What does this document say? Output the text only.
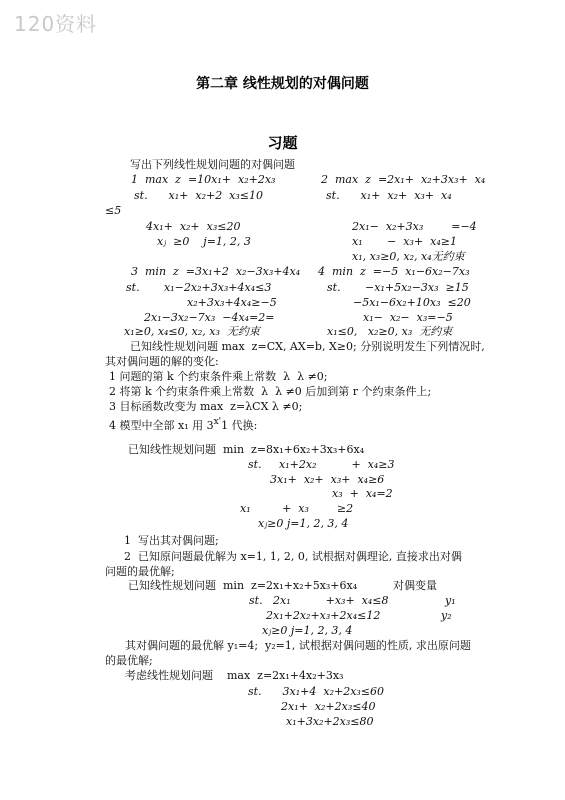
120资料
第二章 线性规划的对偶问题
习题
写出下列线性规划问题的对偶问题
1  max  z  =10x₁+  x₂+2x₃	2  max  z  =2x₁+  x₂+3x₃+  x₄
st.      x₁+  x₂+2  x₃≤10	st.      x₁+  x₂+  x₃+  x₄
≤5
4x₁+  x₂+  x₃≤20	2x₁−  x₂+3x₃        =−4
xⱼ  ≥0    j=1, 2, 3	x₁       −  x₃+  x₄≥1
x₁, x₃≥0, x₂, x₄无约束
3  min  z  =3x₁+2  x₂−3x₃+4x₄ 4  min  z  =−5  x₁−6x₂−7x₃
st.       x₁−2x₂+3x₃+4x₄≤3	st.       −x₁+5x₂−3x₃  ≥15
x₂+3x₃+4x₄≥−5	−5x₁−6x₂+10x₃  ≤20
2x₁−3x₂−7x₃  −4x₄=2=	x₁−  x₂−  x₃=−5
x₁≥0, x₄≤0, x₂, x₃  无约束	x₁≤0,   x₂≥0, x₃  无约束
已知线性规划问题 max  z=CX, AX=b, X≥0; 分别说明发生下列情况时,
其对偶问题的解的变化:
1 问题的第 k 个约束条件乘上常数  λ  λ ≠0;
2 将第 k 个约束条件乘上常数  λ  λ ≠0 后加到第 r 个约束条件上;
3 目标函数改变为 max  z=λCX λ ≠0;
4 模型中全部 x₁ 用 $3^{x'}1$ 代换:
已知线性规划问题  min  z=8x₁+6x₂+3x₃+6x₄
st.     x₁+2x₂          +  x₄≥3
3x₁+  x₂+  x₃+  x₄≥6
x₃  +  x₄=2
x₁         +  x₃        ≥2
xⱼ≥0 j=1, 2, 3, 4
1  写出其对偶问题;
2  已知原问题最优解为 x=1, 1, 2, 0, 试根据对偶理论, 直接求出对偶
问题的最优解;
已知线性规划问题  min  z=2x₁+x₂+5x₃+6x₄	对偶变量
st.   2x₁          +x₃+  x₄≤8	y₁
2x₁+2x₂+x₃+2x₄≤12	y₂
xⱼ≥0 j=1, 2, 3, 4
其对偶问题的最优解 y₁=4;  y₂=1, 试根据对偶问题的性质, 求出原问题
的最优解;
考虑线性规划问题    max  z=2x₁+4x₂+3x₃
st.      3x₁+4  x₂+2x₃≤60
2x₁+  x₂+2x₃≤40
x₁+3x₂+2x₃≤80
